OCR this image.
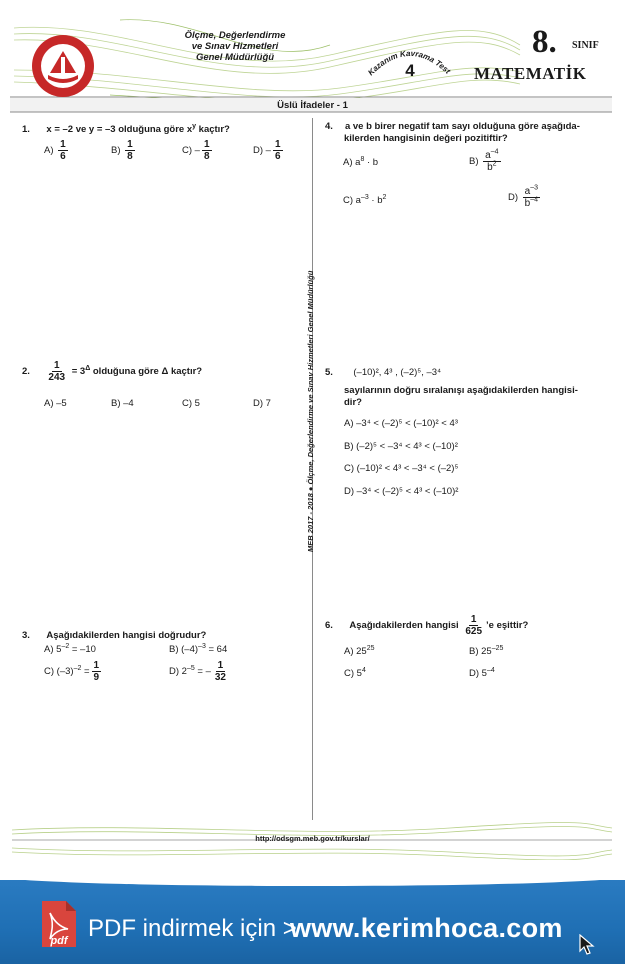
Ölçme, Değerlendirme
ve Sınav Hizmetleri
Genel Müdürlüğü
Kazanım Kavrama Test
4
8. SINIF
MATEMATİK
Üslü İfadeler - 1
MEB 2017 - 2018 ● Ölçme, Değerlendirme ve Sınav Hizmetleri Genel Müdürlüğü
1. x = –2 ve y = –3 olduğuna göre $x^y$ kaçtır?
$A) \frac{1}{6}$	$B) \frac{1}{8}$	$C) - \frac{1}{8}$	$D) - \frac{1}{6}$
2. $\frac{1}{243} = 3^\Delta$ olduğuna göre Δ kaçtır?
A) –5	B) –4	C) 5	D) 7
3. Aşağıdakilerden hangisi doğrudur?
A) $5^{-2} = -10$	B) $(-4)^{-3} = 64$
C) $(-3)^{-2} = \frac{1}{9}$	D) $2^{-5}$ = – $\frac{1}{32}$
4. a ve b birer negatif tam sayı olduğuna göre aşağıda-
kilerden hangisinin değeri pozitiftir?
A) $a^8 \cdot b$	$B) \frac{a^{-4}}{b^2}$
C) $a^{-3} \cdot b^2$	$D) \frac{a^{-3}}{b^{-4}}$
5. (–10)², 4³ , (–2)⁵, –3⁴
sayılarının doğru sıralanışı aşağıdakilerden hangisi-
dir?
A) –3⁴ < (–2)⁵ < (–10)² < 4³
B) (–2)⁵ < –3⁴ < 4³ < (–10)²
C) (–10)² < 4³ < –3⁴ < (–2)⁵
D) –3⁴ < (–2)⁵ < 4³ < (–10)²
6. Aşağıdakilerden hangisi $\frac{1}{625}$ ’e eşittir?
A) $25^{25}$	B) $25^{-25}$
C) $5^4$	D) $5^{-4}$
http://odsgm.meb.gov.tr/kurslar/
pdf PDF indirmek için >
www.kerimhoca.com
